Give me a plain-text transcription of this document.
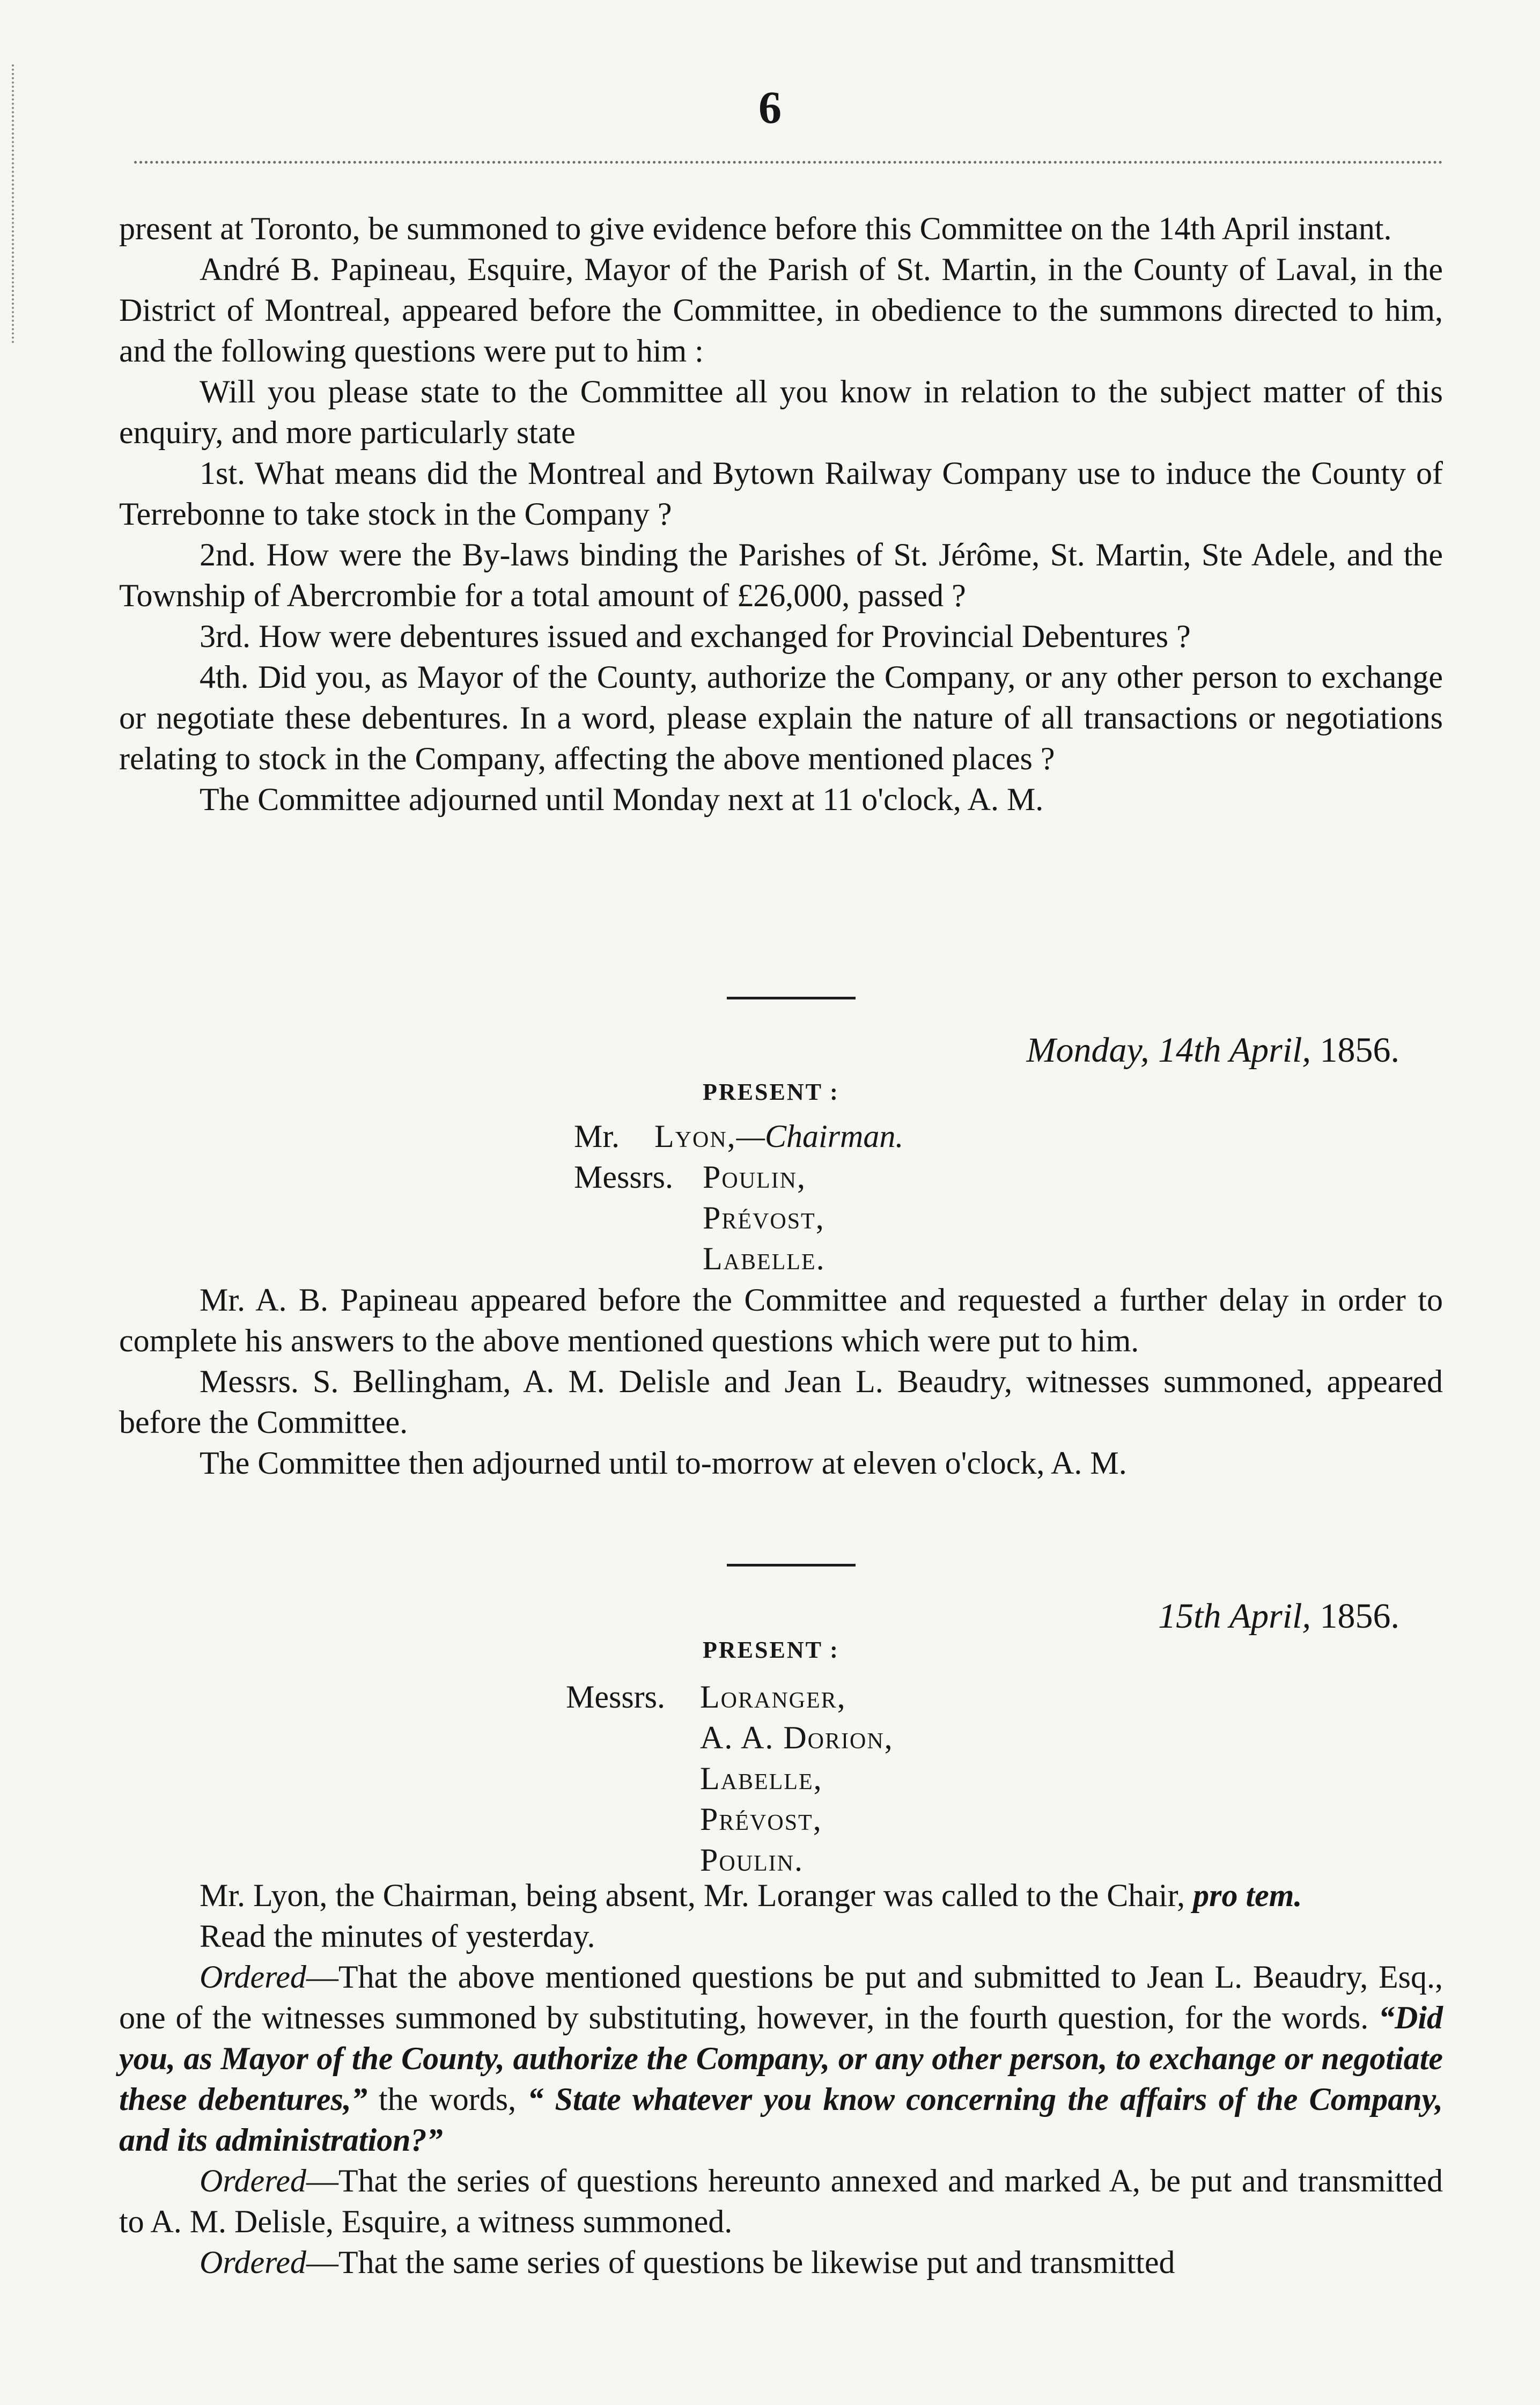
6

present at Toronto, be summoned to give evidence before this Committee on the 14th April instant.

André B. Papineau, Esquire, Mayor of the Parish of St. Martin, in the County of Laval, in the District of Montreal, appeared before the Committee, in obedience to the summons directed to him, and the following questions were put to him :

Will you please state to the Committee all you know in relation to the subject matter of this enquiry, and more particularly state

1st. What means did the Montreal and Bytown Railway Company use to induce the County of Terrebonne to take stock in the Company ?

2nd. How were the By-laws binding the Parishes of St. Jérôme, St. Martin, Ste Adele, and the Township of Abercrombie for a total amount of £26,000, passed ?

3rd. How were debentures issued and exchanged for Provincial Debentures ?

4th. Did you, as Mayor of the County, authorize the Company, or any other person to exchange or negotiate these debentures. In a word, please explain the nature of all transactions or negotiations relating to stock in the Company, affecting the above mentioned places ?

The Committee adjourned until Monday next at 11 o'clock, A. M.

Monday, 14th April, 1856.
PRESENT :
Mr. Lyon,—Chairman.
Messrs. Poulin,
Prévost,
Labelle.

Mr. A. B. Papineau appeared before the Committee and requested a further delay in order to complete his answers to the above mentioned questions which were put to him.

Messrs. S. Bellingham, A. M. Delisle and Jean L. Beaudry, witnesses summoned, appeared before the Committee.

The Committee then adjourned until to-morrow at eleven o'clock, A. M.

15th April, 1856.
PRESENT :
Messrs. Loranger,
A. A. Dorion,
Labelle,
Prévost,
Poulin.

Mr. Lyon, the Chairman, being absent, Mr. Loranger was called to the Chair, pro tem.

Read the minutes of yesterday.

Ordered—That the above mentioned questions be put and submitted to Jean L. Beaudry, Esq., one of the witnesses summoned by substituting, however, in the fourth question, for the words. “Did you, as Mayor of the County, authorize the Company, or any other person, to exchange or negotiate these debentures,” the words, “ State whatever you know concerning the affairs of the Company, and its administration?”

Ordered—That the series of questions hereunto annexed and marked A, be put and transmitted to A. M. Delisle, Esquire, a witness summoned.

Ordered—That the same series of questions be likewise put and transmitted
